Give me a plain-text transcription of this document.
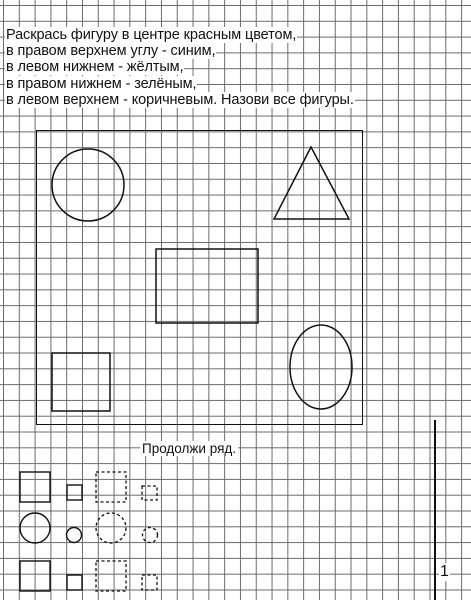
Раскрась фигуру в центре красным цветом,
в правом верхнем углу - синим,
в левом нижнем - жёлтым,
в правом нижнем - зелёным,
в левом верхнем - коричневым. Назови все фигуры.
Продолжи ряд.
1
